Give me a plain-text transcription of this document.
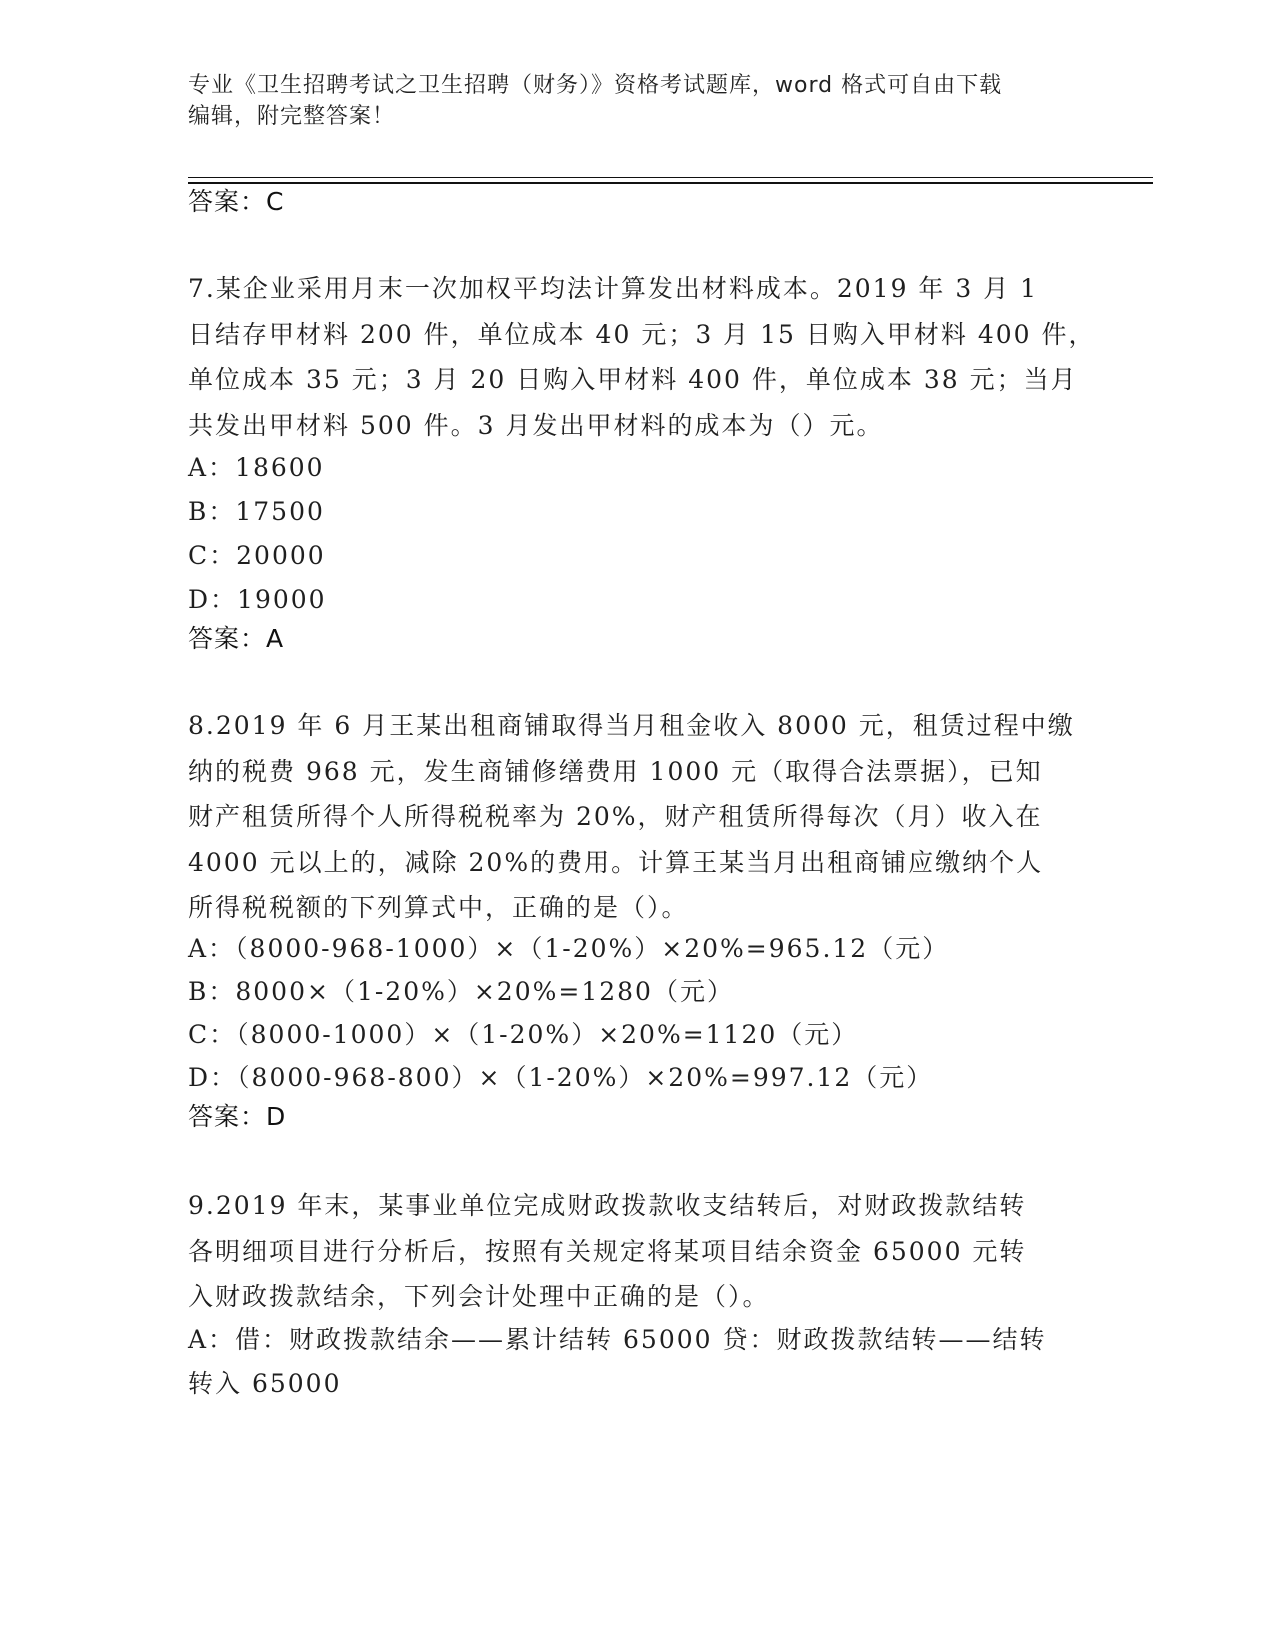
专业《卫生招聘考试之卫生招聘（财务）》资格考试题库，word 格式可自由下载
编辑，附完整答案！
答案：C
7.某企业采用月末一次加权平均法计算发出材料成本。2019 年 3 月 1
日结存甲材料 200 件，单位成本 40 元；3 月 15 日购入甲材料 400 件，
单位成本 35 元；3 月 20 日购入甲材料 400 件，单位成本 38 元；当月
共发出甲材料 500 件。3 月发出甲材料的成本为（）元。
A：18600
B：17500
C：20000
D：19000
答案：A
8.2019 年 6 月王某出租商铺取得当月租金收入 8000 元，租赁过程中缴
纳的税费 968 元，发生商铺修缮费用 1000 元（取得合法票据），已知
财产租赁所得个人所得税税率为 20%，财产租赁所得每次（月）收入在
4000 元以上的，减除 20%的费用。计算王某当月出租商铺应缴纳个人
所得税税额的下列算式中，正确的是（）。
A：（8000-968-1000）×（1-20%）×20%=965.12（元）
B：8000×（1-20%）×20%=1280（元）
C：（8000-1000）×（1-20%）×20%=1120（元）
D：（8000-968-800）×（1-20%）×20%=997.12（元）
答案：D
9.2019 年末，某事业单位完成财政拨款收支结转后，对财政拨款结转
各明细项目进行分析后，按照有关规定将某项目结余资金 65000 元转
入财政拨款结余，下列会计处理中正确的是（）。
A：借：财政拨款结余——累计结转 65000 贷：财政拨款结转——结转
转入 65000
